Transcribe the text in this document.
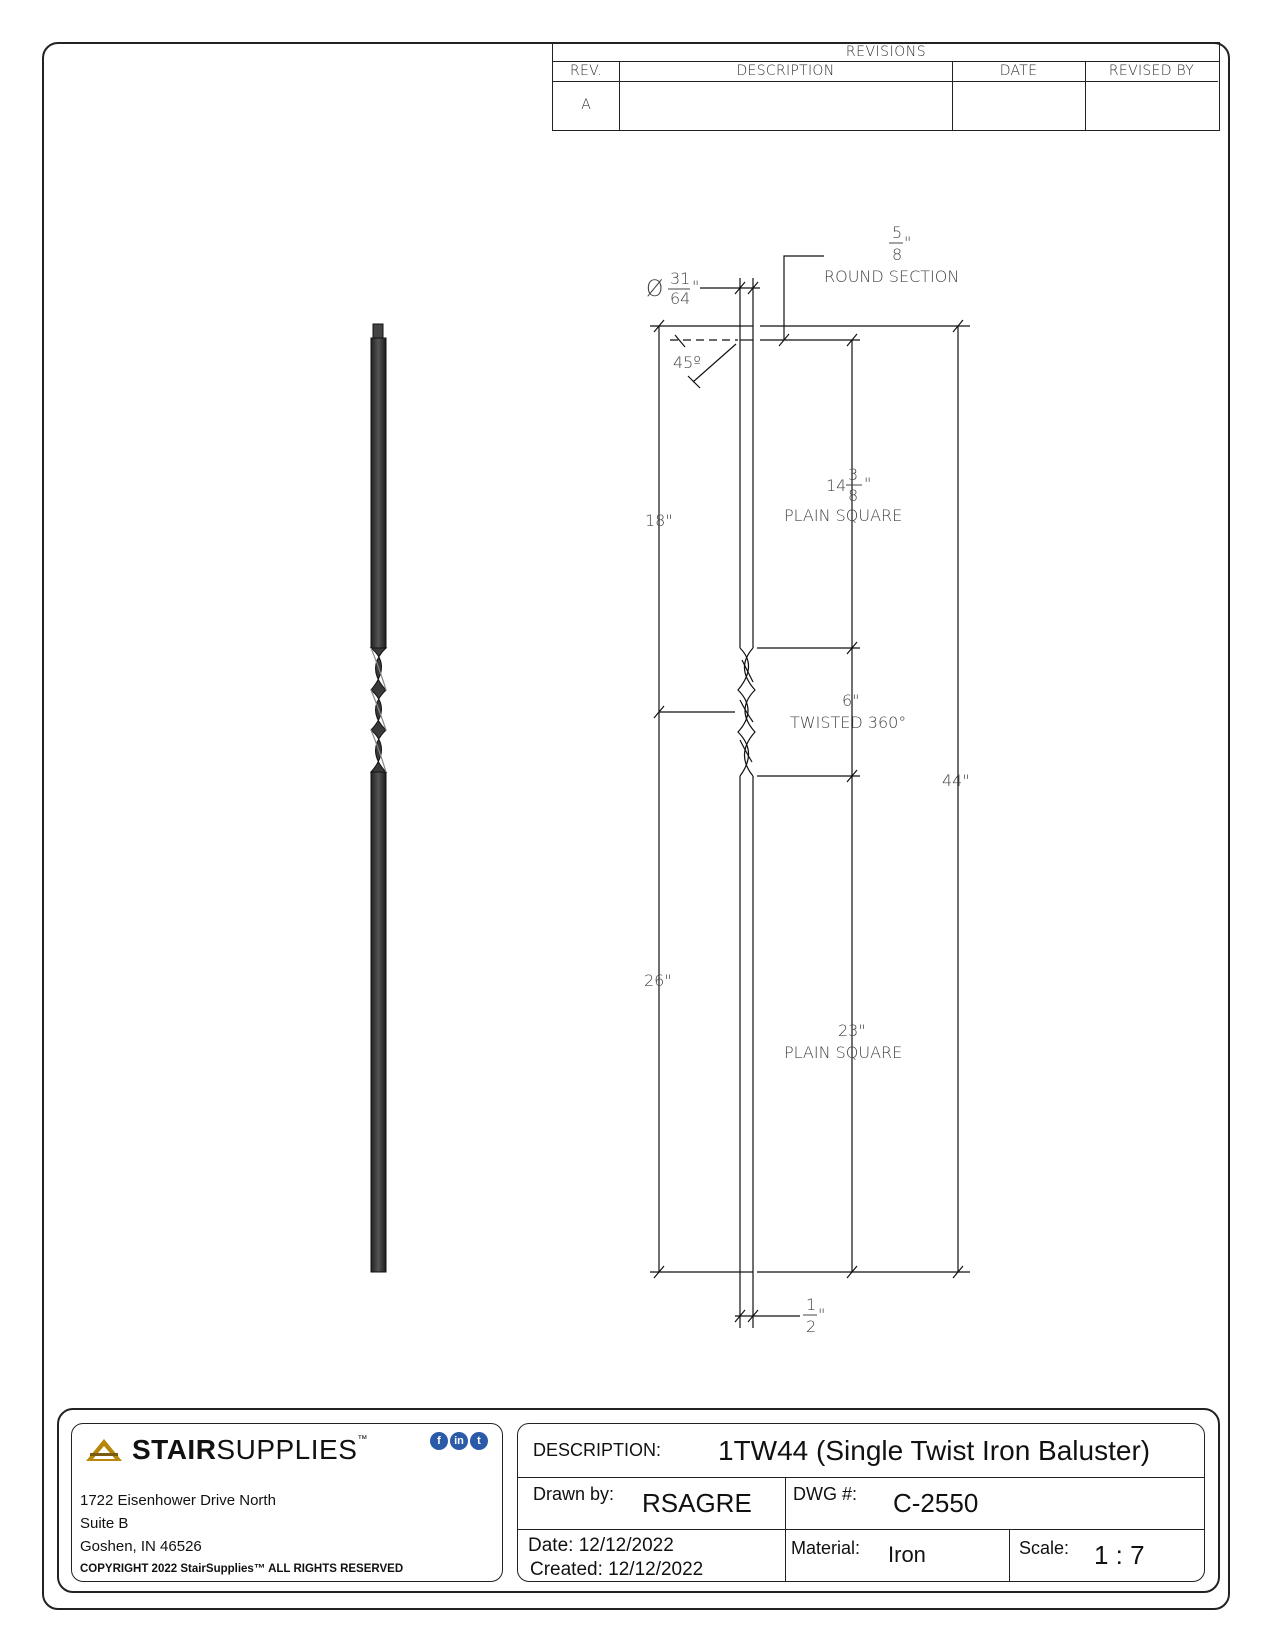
REVISIONS
REV.	DESCRIPTION	DATE	REVISED BY
A
Ø 31
64
"
5
8
"
ROUND SECTION
45º
14
3
8
"
PLAIN SQUARE
18"
6"
TWISTED 360°
44"
26"
23"
PLAIN SQUARE
1
2
"
STAIRSUPPLIES™	f	in	t
1722 Eisenhower Drive North
Suite B
Goshen, IN 46526
COPYRIGHT 2022 StairSupplies™ ALL RIGHTS RESERVED
DESCRIPTION: 1TW44 (Single Twist Iron Baluster)
Drawn by: RSAGRE DWG #: C-2550
Date: 12/12/2022
Created: 12/12/2022
Material: Iron	Scale: 1 : 7
